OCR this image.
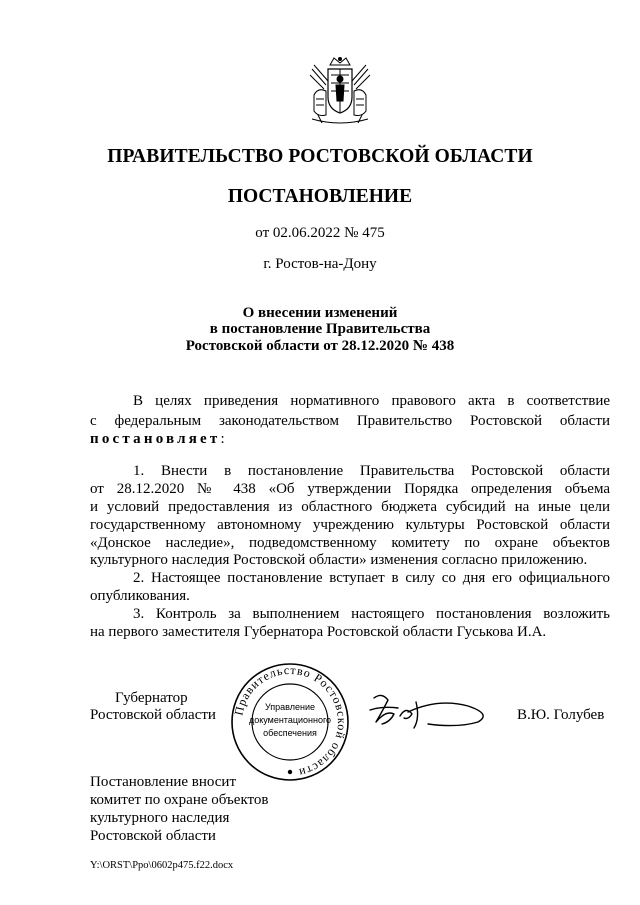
ПРАВИТЕЛЬСТВО РОСТОВСКОЙ ОБЛАСТИ
ПОСТАНОВЛЕНИЕ
от 02.06.2022 № 475
г. Ростов-на-Дону
О внесении изменений
в постановление Правительства
Ростовской области от 28.12.2020 № 438
В целях приведения нормативного правового акта в соответствие
с федеральным законодательством Правительство Ростовской области
постановляет:
1. Внести в постановление Правительства Ростовской области
от 28.12.2020 № 438 «Об утверждении Порядка определения объема
и условий предоставления из областного бюджета субсидий на иные цели
государственному автономному учреждению культуры Ростовской области
«Донское наследие», подведомственному комитету по охране объектов
культурного наследия Ростовской области» изменения согласно приложению.
2. Настоящее постановление вступает в силу со дня его официального
опубликования.
3. Контроль за выполнением настоящего постановления возложить
на первого заместителя Губернатора Ростовской области Гуськова И.А.
Губернатор
Ростовской области	В.Ю. Голубев
Правительство Ростовской области
Управление
документационного
обеспечения
Постановление вносит
комитет по охране объектов
культурного наследия
Ростовской области
Y:\ORST\Ppo\0602p475.f22.docx
